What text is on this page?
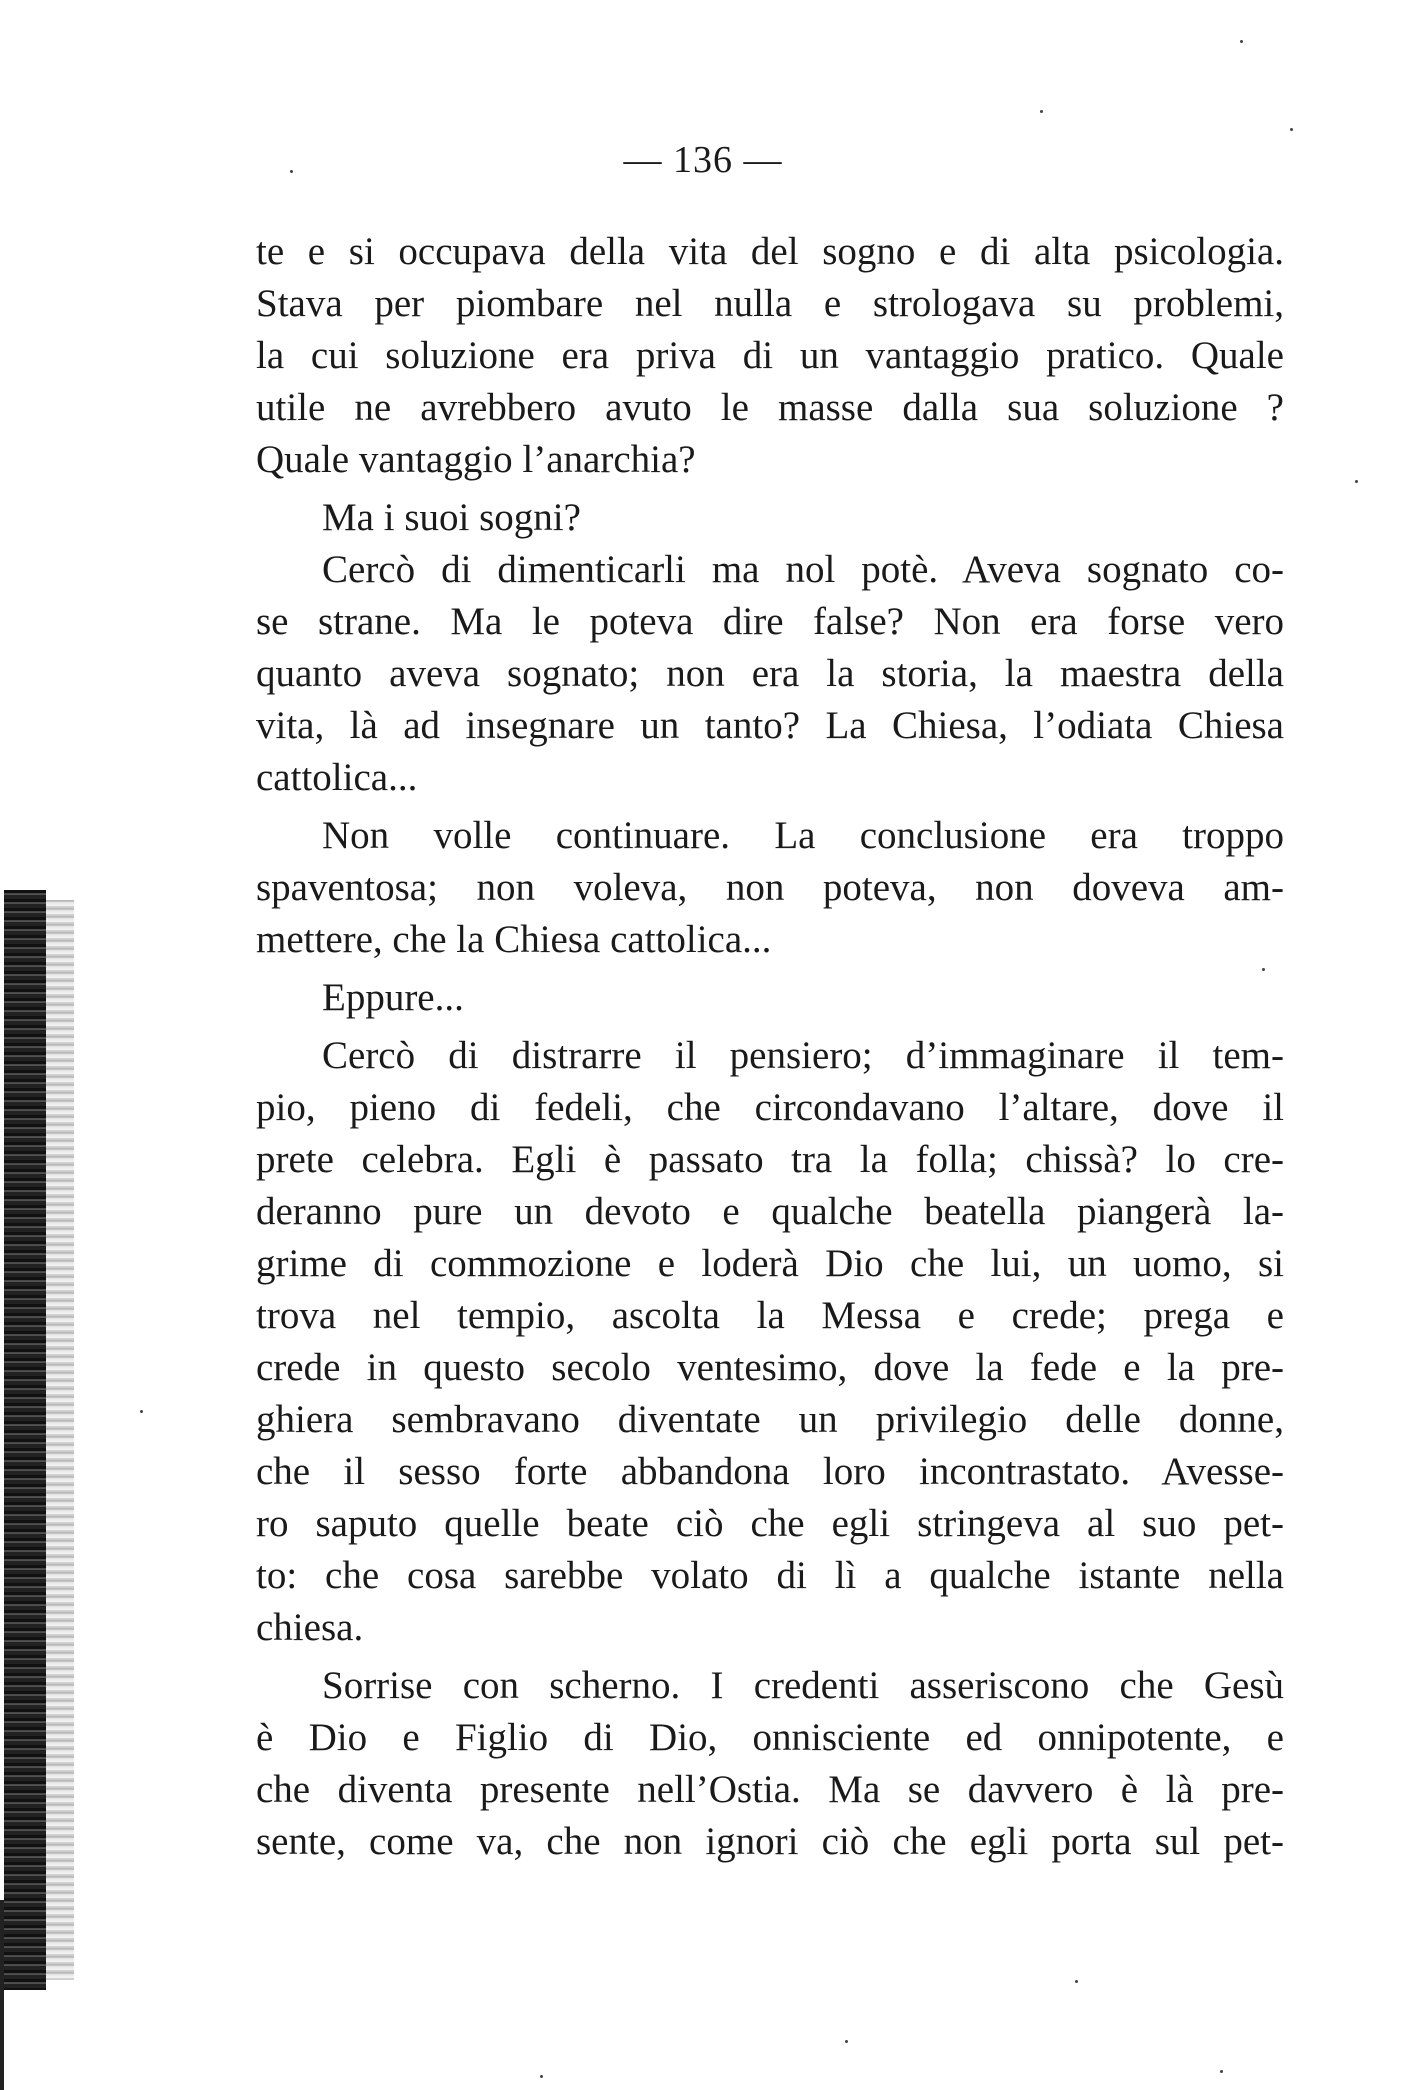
— 136 —
te e si occupava della vita del sogno e di alta psicologia.
Stava per piombare nel nulla e strologava su problemi,
la cui soluzione era priva di un vantaggio pratico. Quale
utile ne avrebbero avuto le masse dalla sua soluzione ?
Quale vantaggio l’anarchia?
Ma i suoi sogni?
Cercò di dimenticarli ma nol potè. Aveva sognato co-
se strane. Ma le poteva dire false? Non era forse vero
quanto aveva sognato; non era la storia, la maestra della
vita, là ad insegnare un tanto? La Chiesa, l’odiata Chiesa
cattolica...
Non volle continuare. La conclusione era troppo
spaventosa; non voleva, non poteva, non doveva am-
mettere, che la Chiesa cattolica...
Eppure...
Cercò di distrarre il pensiero; d’immaginare il tem-
pio, pieno di fedeli, che circondavano l’altare, dove il
prete celebra. Egli è passato tra la folla; chissà? lo cre-
deranno pure un devoto e qualche beatella piangerà la-
grime di commozione e loderà Dio che lui, un uomo, si
trova nel tempio, ascolta la Messa e crede; prega e
crede in questo secolo ventesimo, dove la fede e la pre-
ghiera sembravano diventate un privilegio delle donne,
che il sesso forte abbandona loro incontrastato. Avesse-
ro saputo quelle beate ciò che egli stringeva al suo pet-
to: che cosa sarebbe volato di lì a qualche istante nella
chiesa.
Sorrise con scherno. I credenti asseriscono che Gesù
è Dio e Figlio di Dio, onnisciente ed onnipotente, e
che diventa presente nell’Ostia. Ma se davvero è là pre-
sente, come va, che non ignori ciò che egli porta sul pet-
